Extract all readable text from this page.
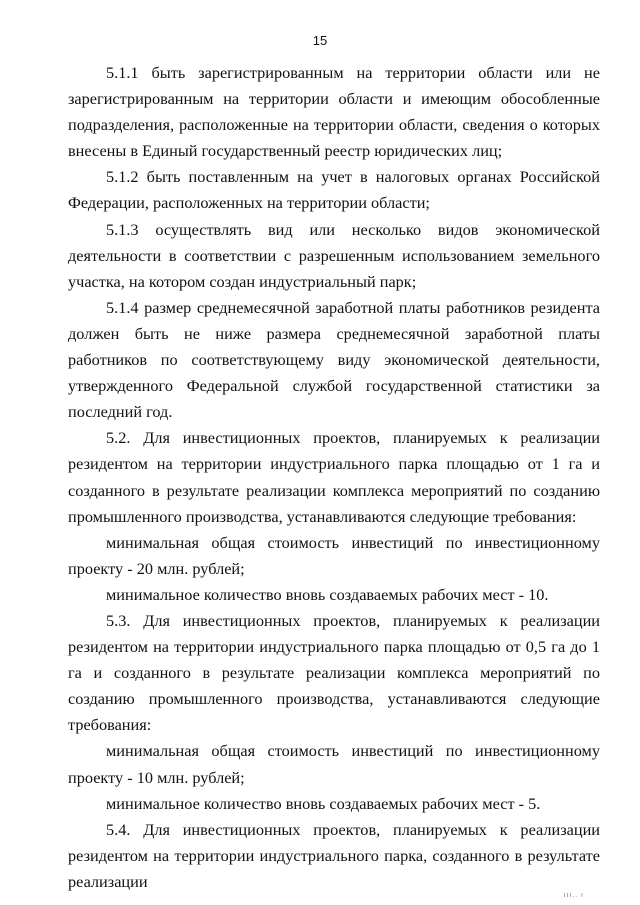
15

5.1.1 быть зарегистрированным на территории области или не зарегистрированным на территории области и имеющим обособленные подразделения, расположенные на территории области, сведения о которых внесены в Единый государственный реестр юридических лиц;

5.1.2 быть поставленным на учет в налоговых органах Российской Федерации, расположенных на территории области;

5.1.3 осуществлять вид или несколько видов экономической деятельности в соответствии с разрешенным использованием земельного участка, на котором создан индустриальный парк;

5.1.4 размер среднемесячной заработной платы работников резидента должен быть не ниже размера среднемесячной заработной платы работников по соответствующему виду экономической деятельности, утвержденного Федеральной службой государственной статистики за последний год.

5.2. Для инвестиционных проектов, планируемых к реализации резидентом на территории индустриального парка площадью от 1 га и созданного в результате реализации комплекса мероприятий по созданию промышленного производства, устанавливаются следующие требования:

минимальная общая стоимость инвестиций по инвестиционному проекту - 20 млн. рублей;

минимальное количество вновь создаваемых рабочих мест - 10.

5.3. Для инвестиционных проектов, планируемых к реализации резидентом на территории индустриального парка площадью от 0,5 га до 1 га и созданного в результате реализации комплекса мероприятий по созданию промышленного производства, устанавливаются следующие требования:

минимальная общая стоимость инвестиций по инвестиционному проекту - 10 млн. рублей;

минимальное количество вновь создаваемых рабочих мест - 5.

5.4. Для инвестиционных проектов, планируемых к реализации резидентом на территории индустриального парка, созданного в результате реализации

ııı.. ı
